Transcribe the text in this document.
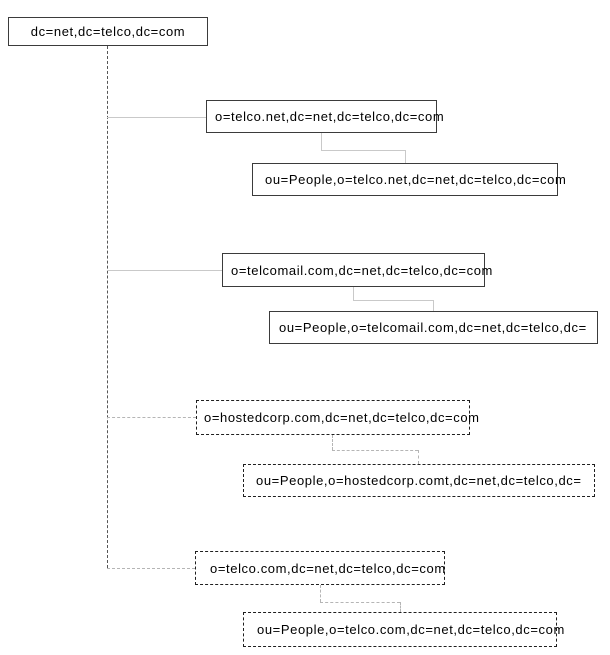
dc=net,dc=telco,dc=com
o=telco.net,dc=net,dc=telco,dc=com
ou=People,o=telco.net,dc=net,dc=telco,dc=com
o=telcomail.com,dc=net,dc=telco,dc=com
ou=People,o=telcomail.com,dc=net,dc=telco,dc=
o=hostedcorp.com,dc=net,dc=telco,dc=com
ou=People,o=hostedcorp.comt,dc=net,dc=telco,dc=
o=telco.com,dc=net,dc=telco,dc=com
ou=People,o=telco.com,dc=net,dc=telco,dc=com
